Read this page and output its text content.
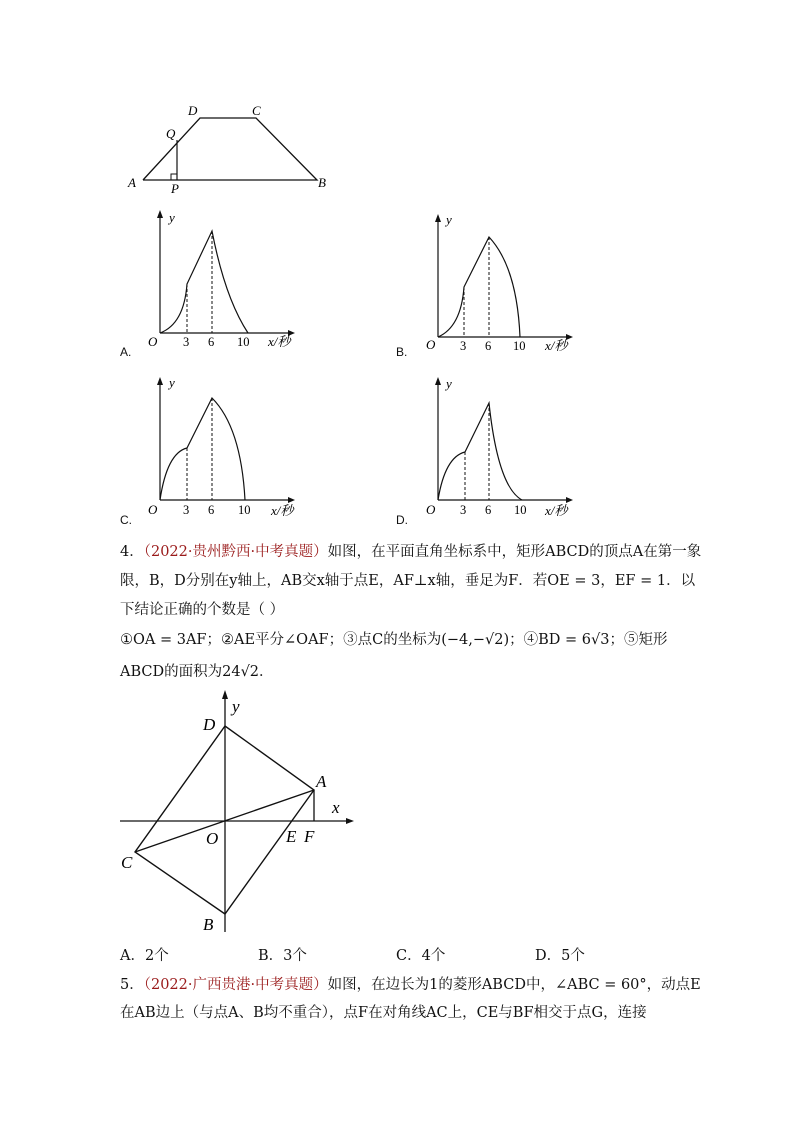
D	C
Q
A	P	B
y
O 3 6 10 x/秒
A.
y
O 3 6 10 x/秒
B.
y
O 3 6 10 x/秒
C.
y
O 3 6 10 x/秒
D.
4．（2022·贵州黔西·中考真题）如图，在平面直角坐标系中，矩形ABCD的顶点A在第一象
限，B，D分别在y轴上，AB交x轴于点E，AF⊥x轴，垂足为F．若OE = 3，EF = 1．以
下结论正确的个数是（ ）
①OA = 3AF；②AE平分∠OAF；③点C的坐标为(−4,−√2)；④BD = 6√3；⑤矩形
ABCD的面积为24√2．
D
y
A
x
O	E F
C
B
A．2个	B．3个	C．4个	D．5个
5．（2022·广西贵港·中考真题）如图，在边长为1的菱形ABCD中，∠ABC = 60°，动点E
在AB边上（与点A、B均不重合），点F在对角线AC上，CE与BF相交于点G，连接
